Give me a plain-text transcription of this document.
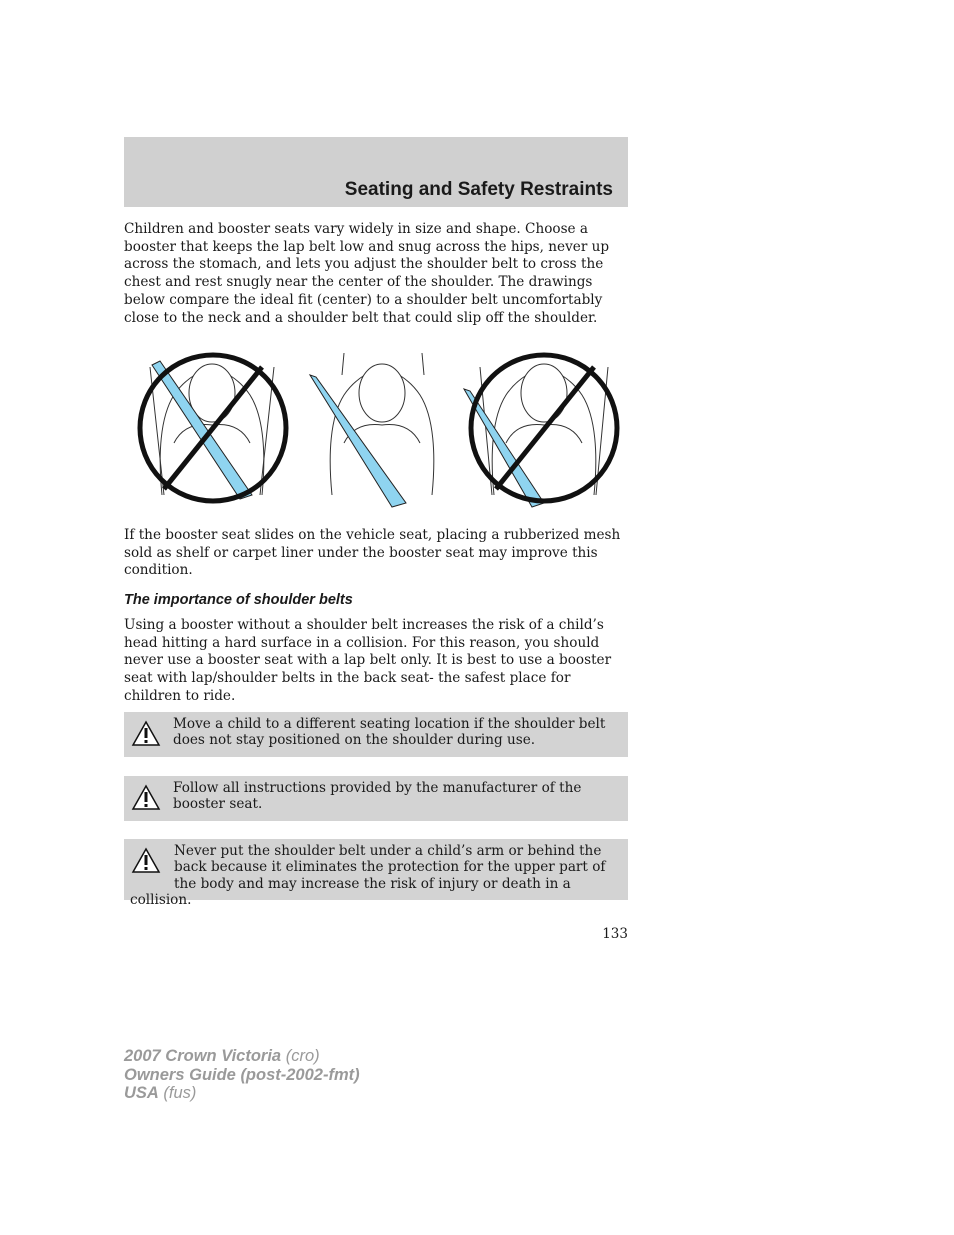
Seating and Safety Restraints

Children and booster seats vary widely in size and shape. Choose a booster that keeps the lap belt low and snug across the hips, never up across the stomach, and lets you adjust the shoulder belt to cross the chest and rest snugly near the center of the shoulder. The drawings below compare the ideal fit (center) to a shoulder belt uncomfortably close to the neck and a shoulder belt that could slip off the shoulder.

If the booster seat slides on the vehicle seat, placing a rubberized mesh sold as shelf or carpet liner under the booster seat may improve this condition.

The importance of shoulder belts

Using a booster without a shoulder belt increases the risk of a child’s head hitting a hard surface in a collision. For this reason, you should never use a booster seat with a lap belt only. It is best to use a booster seat with lap/shoulder belts in the back seat- the safest place for children to ride.

Move a child to a different seating location if the shoulder belt does not stay positioned on the shoulder during use.

Follow all instructions provided by the manufacturer of the booster seat.

Never put the shoulder belt under a child’s arm or behind the back because it eliminates the protection for the upper part of the body and may increase the risk of injury or death in a collision.

133

2007 Crown Victoria (cro)
Owners Guide (post-2002-fmt)
USA (fus)
